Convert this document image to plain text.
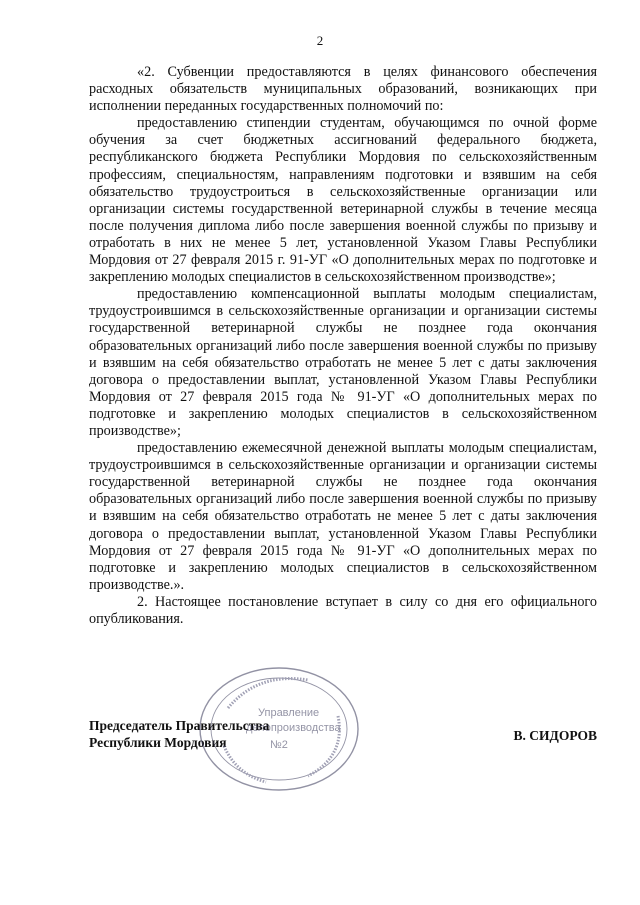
2

«2. Субвенции предоставляются в целях финансового обеспечения расходных обязательств муниципальных образований, возникающих при исполнении переданных государственных полномочий по:

предоставлению стипендии студентам, обучающимся по очной форме обучения за счет бюджетных ассигнований федерального бюджета, республиканского бюджета Республики Мордовия по сельскохозяйственным профессиям, специальностям, направлениям подготовки и взявшим на себя обязательство трудоустроиться в сельскохозяйственные организации или организации системы государственной ветеринарной службы в течение месяца после получения диплома либо после завершения военной службы по призыву и отработать в них не менее 5 лет, установленной Указом Главы Республики Мордовия от 27 февраля 2015 г. 91-УГ «О дополнительных мерах по подготовке и закреплению молодых специалистов в сельскохозяйственном производстве»;

предоставлению компенсационной выплаты молодым специалистам, трудоустроившимся в сельскохозяйственные организации и организации системы государственной ветеринарной службы не позднее года окончания образовательных организаций либо после завершения военной службы по призыву и взявшим на себя обязательство отработать не менее 5 лет с даты заключения договора о предоставлении выплат, установленной Указом Главы Республики Мордовия от 27 февраля 2015 года № 91-УГ «О дополнительных мерах по подготовке и закреплению молодых специалистов в сельскохозяйственном производстве»;

предоставлению ежемесячной денежной выплаты молодым специалистам, трудоустроившимся в сельскохозяйственные организации и организации системы государственной ветеринарной службы не позднее года окончания образовательных организаций либо после завершения военной службы по призыву и взявшим на себя обязательство отработать не менее 5 лет с даты заключения договора о предоставлении выплат, установленной Указом Главы Республики Мордовия от 27 февраля 2015 года № 91-УГ «О дополнительных мерах по подготовке и закреплению молодых специалистов в сельскохозяйственном производстве.».

2. Настоящее постановление вступает в силу со дня его официального опубликования.

Председатель Правительства
Республики Мордовия	В. СИДОРОВ
Управление
делопроизводства
№2
